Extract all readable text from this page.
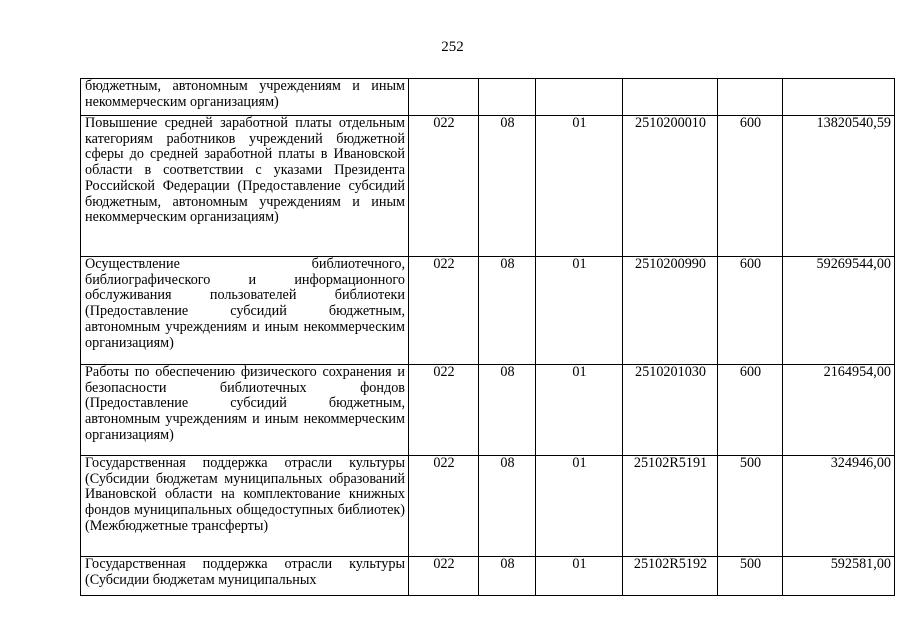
252
бюджетным, автономным учреждениям и иным некоммерческим организациям)						

Повышение средней заработной платы отдельным категориям работников учреждений бюджетной сферы до средней заработной платы в Ивановской области в соответствии с указами Президента Российской Федерации (Предоставление субсидий бюджетным, автономным учреждениям и иным некоммерческим организациям)	022	08	01	2510200010	600	13820540,59

Осуществление библиотечного, библиографического и информационного обслуживания пользователей библиотеки (Предоставление субсидий бюджетным, автономным учреждениям и иным некоммерческим организациям)	022	08	01	2510200990	600	59269544,00

Работы по обеспечению физического сохранения и безопасности библиотечных фондов (Предоставление субсидий бюджетным, автономным учреждениям и иным некоммерческим организациям)	022	08	01	2510201030	600	2164954,00

Государственная поддержка отрасли культуры (Субсидии бюджетам муниципальных образований Ивановской области на комплектование книжных фондов муниципальных общедоступных библиотек) (Межбюджетные трансферты)	022	08	01	25102R5191	500	324946,00

Государственная поддержка отрасли культуры (Субсидии бюджетам муниципальных	022	08	01	25102R5192	500	592581,00
